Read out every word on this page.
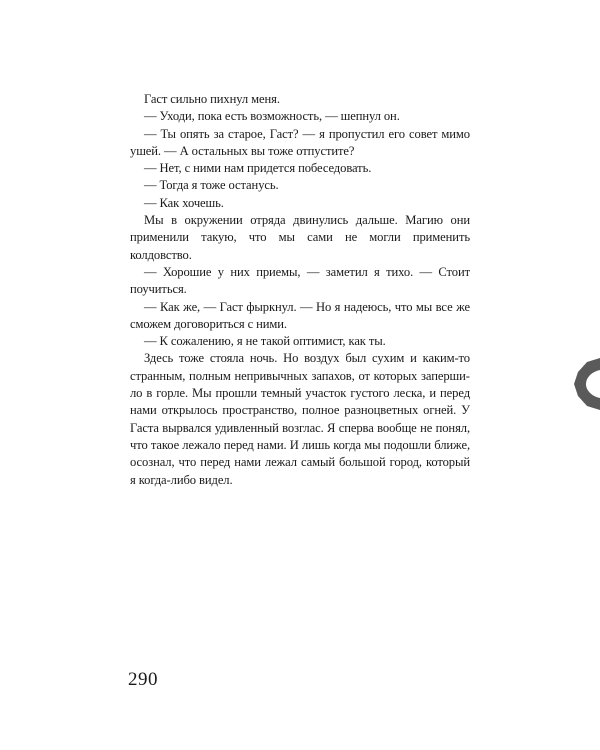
Гаст сильно пихнул меня.

— Уходи, пока есть возможность, — шепнул он.

— Ты опять за старое, Гаст? — я пропустил его совет мимо ушей. — А остальных вы тоже отпустите?

— Нет, с ними нам придется побеседовать.

— Тогда я тоже останусь.

— Как хочешь.

Мы в окружении отряда двинулись дальше. Магию они применили такую, что мы сами не могли применить колдовство.

— Хорошие у них приемы, — заметил я тихо. — Стоит поучиться.

— Как же, — Гаст фыркнул. — Но я надеюсь, что мы все же сможем договориться с ними.

— К сожалению, я не такой оптимист, как ты.

Здесь тоже стояла ночь. Но воздух был сухим и каким-то странным, полным непривычных запахов, от которых запершило в горле. Мы прошли темный участок густого леска, и перед нами открылось пространство, полное разноцветных огней. У Гаста вырвался удивленный возглас. Я сперва вообще не понял, что такое лежало перед нами. И лишь когда мы подошли ближе, осознал, что перед нами лежал самый большой город, который я когда-либо видел.

290
